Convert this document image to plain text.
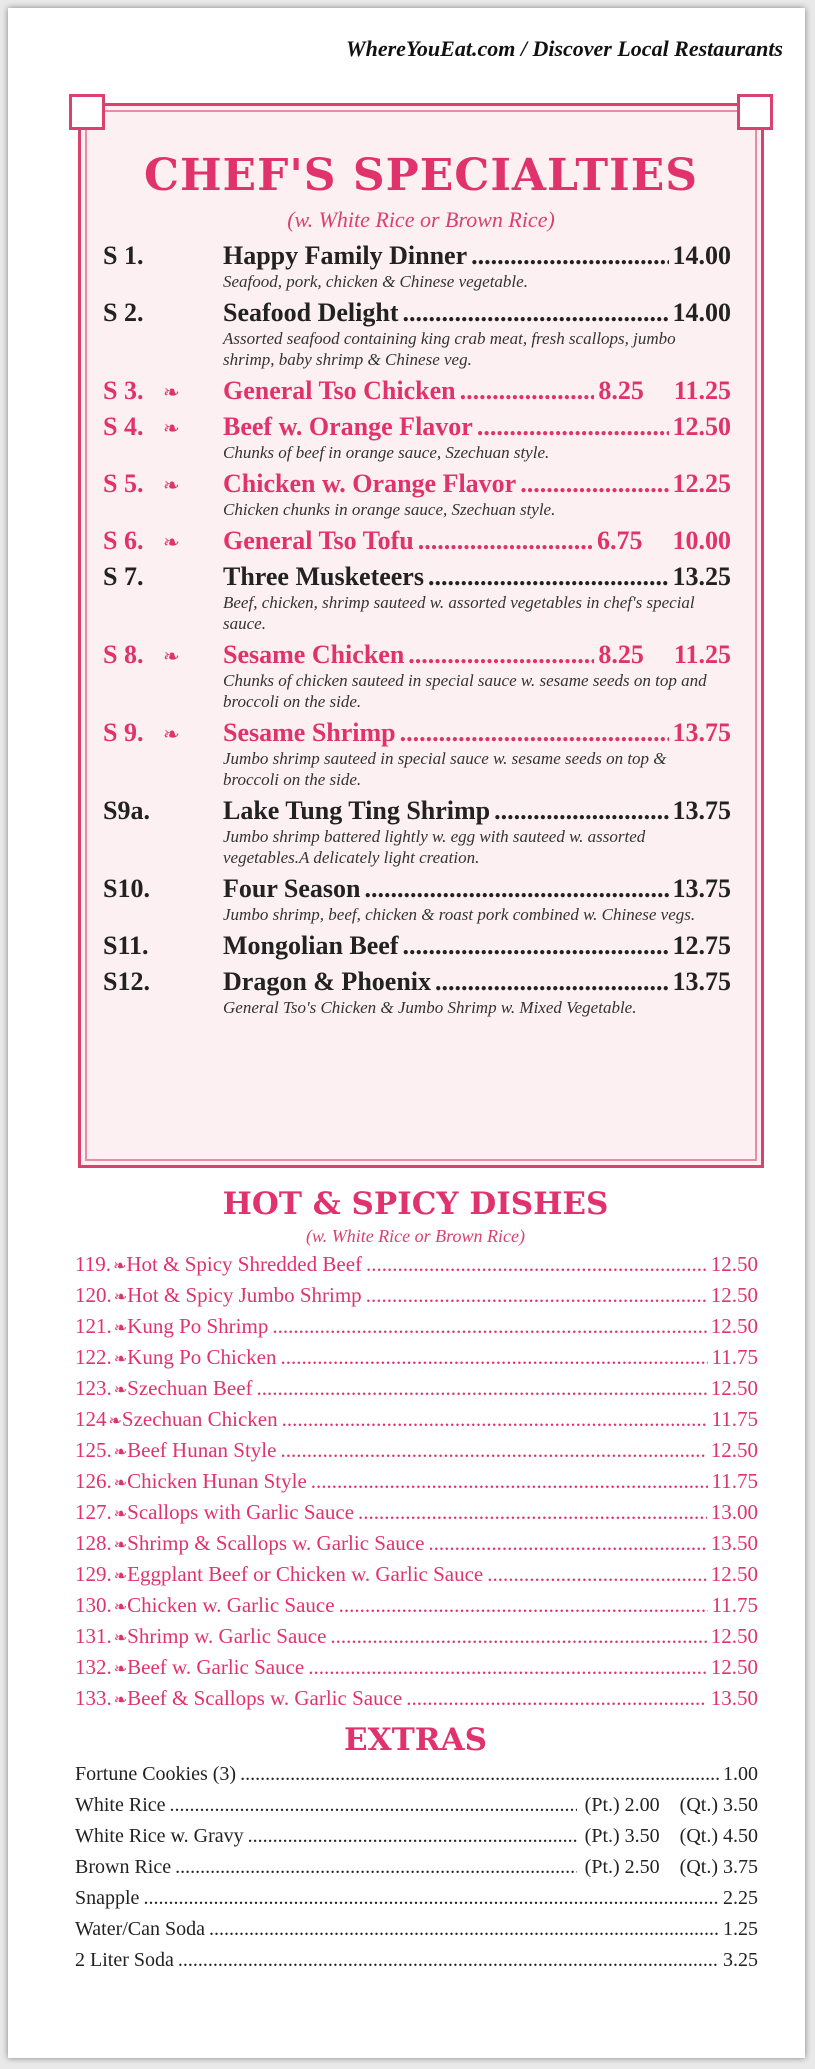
WhereYouEat.com / Discover Local Restaurants
CHEF'S SPECIALTIES
(w. White Rice or Brown Rice)
S 1.	Happy Family Dinner .....	14.00
Seafood, pork, chicken & Chinese vegetable.
S 2.	Seafood Delight .....	14.00
Assorted seafood containing king crab meat, fresh scallops, jumbo shrimp, baby shrimp & Chinese veg.
S 3. ❧ General Tso Chicken .....	8.25 11.25
S 4. ❧ Beef w. Orange Flavor .....	12.50
Chunks of beef in orange sauce, Szechuan style.
S 5. ❧ Chicken w. Orange Flavor .....	12.25
Chicken chunks in orange sauce, Szechuan style.
S 6. ❧ General Tso Tofu .....	6.75 10.00
S 7.	Three Musketeers .....	13.25
Beef, chicken, shrimp sauteed w. assorted vegetables in chef's special sauce.
S 8. ❧ Sesame Chicken .....	8.25 11.25
Chunks of chicken sauteed in special sauce w. sesame seeds on top and broccoli on the side.
S 9. ❧ Sesame Shrimp .....	13.75
Jumbo shrimp sauteed in special sauce w. sesame seeds on top & broccoli on the side.
S9a.	Lake Tung Ting Shrimp .....	13.75
Jumbo shrimp battered lightly w. egg with sauteed w. assorted vegetables.A delicately light creation.
S10.	Four Season .....	13.75
Jumbo shrimp, beef, chicken & roast pork combined w. Chinese vegs.
S11.	Mongolian Beef .....	12.75
S12.	Dragon & Phoenix .....	13.75
General Tso's Chicken & Jumbo Shrimp w. Mixed Vegetable.
HOT & SPICY DISHES
(w. White Rice or Brown Rice)
119. ❧ Hot & Spicy Shredded Beef .....	12.50
120. ❧ Hot & Spicy Jumbo Shrimp .....	12.50
121. ❧ Kung Po Shrimp .....	12.50
122. ❧ Kung Po Chicken .....	11.75
123. ❧ Szechuan Beef .....	12.50
124 ❧ Szechuan Chicken .....	11.75
125. ❧ Beef Hunan Style .....	12.50
126. ❧ Chicken Hunan Style .....	11.75
127. ❧ Scallops with Garlic Sauce .....	13.00
128. ❧ Shrimp & Scallops w. Garlic Sauce .....	13.50
129. ❧ Eggplant Beef or Chicken w. Garlic Sauce .....	12.50
130. ❧ Chicken w. Garlic Sauce .....	11.75
131. ❧ Shrimp w. Garlic Sauce .....	12.50
132. ❧ Beef w. Garlic Sauce .....	12.50
133. ❧ Beef & Scallops w. Garlic Sauce .....	13.50
EXTRAS
Fortune Cookies (3) .....	1.00
White Rice .....	(Pt.) 2.00 (Qt.) 3.50
White Rice w. Gravy .....	(Pt.) 3.50 (Qt.) 4.50
Brown Rice .....	(Pt.) 2.50 (Qt.) 3.75
Snapple .....	2.25
Water/Can Soda .....	1.25
2 Liter Soda .....	3.25
